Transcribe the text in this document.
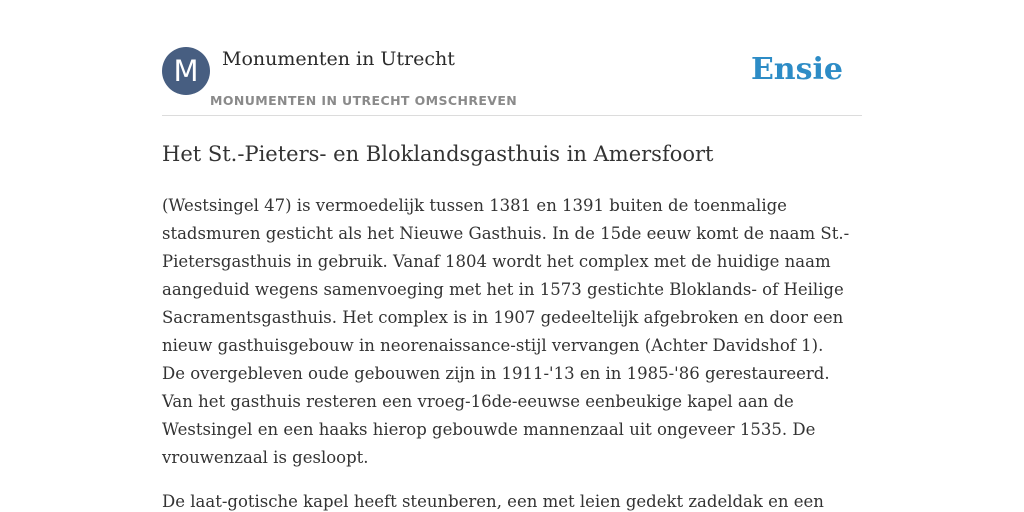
M	Monumenten in Utrecht
MONUMENTEN IN UTRECHT OMSCHREVEN
Ensie
Het St.-Pieters- en Bloklandsgasthuis in Amersfoort

(Westsingel 47) is vermoedelijk tussen 1381 en 1391 buiten de toenmalige
stadsmuren gesticht als het Nieuwe Gasthuis. In de 15de eeuw komt de naam St.-
Pietersgasthuis in gebruik. Vanaf 1804 wordt het complex met de huidige naam
aangeduid wegens samenvoeging met het in 1573 gestichte Bloklands- of Heilige
Sacramentsgasthuis. Het complex is in 1907 gedeeltelijk afgebroken en door een
nieuw gasthuisgebouw in neorenaissance-stijl vervangen (Achter Davidshof 1).
De overgebleven oude gebouwen zijn in 1911-'13 en in 1985-'86 gerestaureerd.
Van het gasthuis resteren een vroeg-16de-eeuwse eenbeukige kapel aan de
Westsingel en een haaks hierop gebouwde mannenzaal uit ongeveer 1535. De
vrouwenzaal is gesloopt.

De laat-gotische kapel heeft steunberen, een met leien gedekt zadeldak en een
